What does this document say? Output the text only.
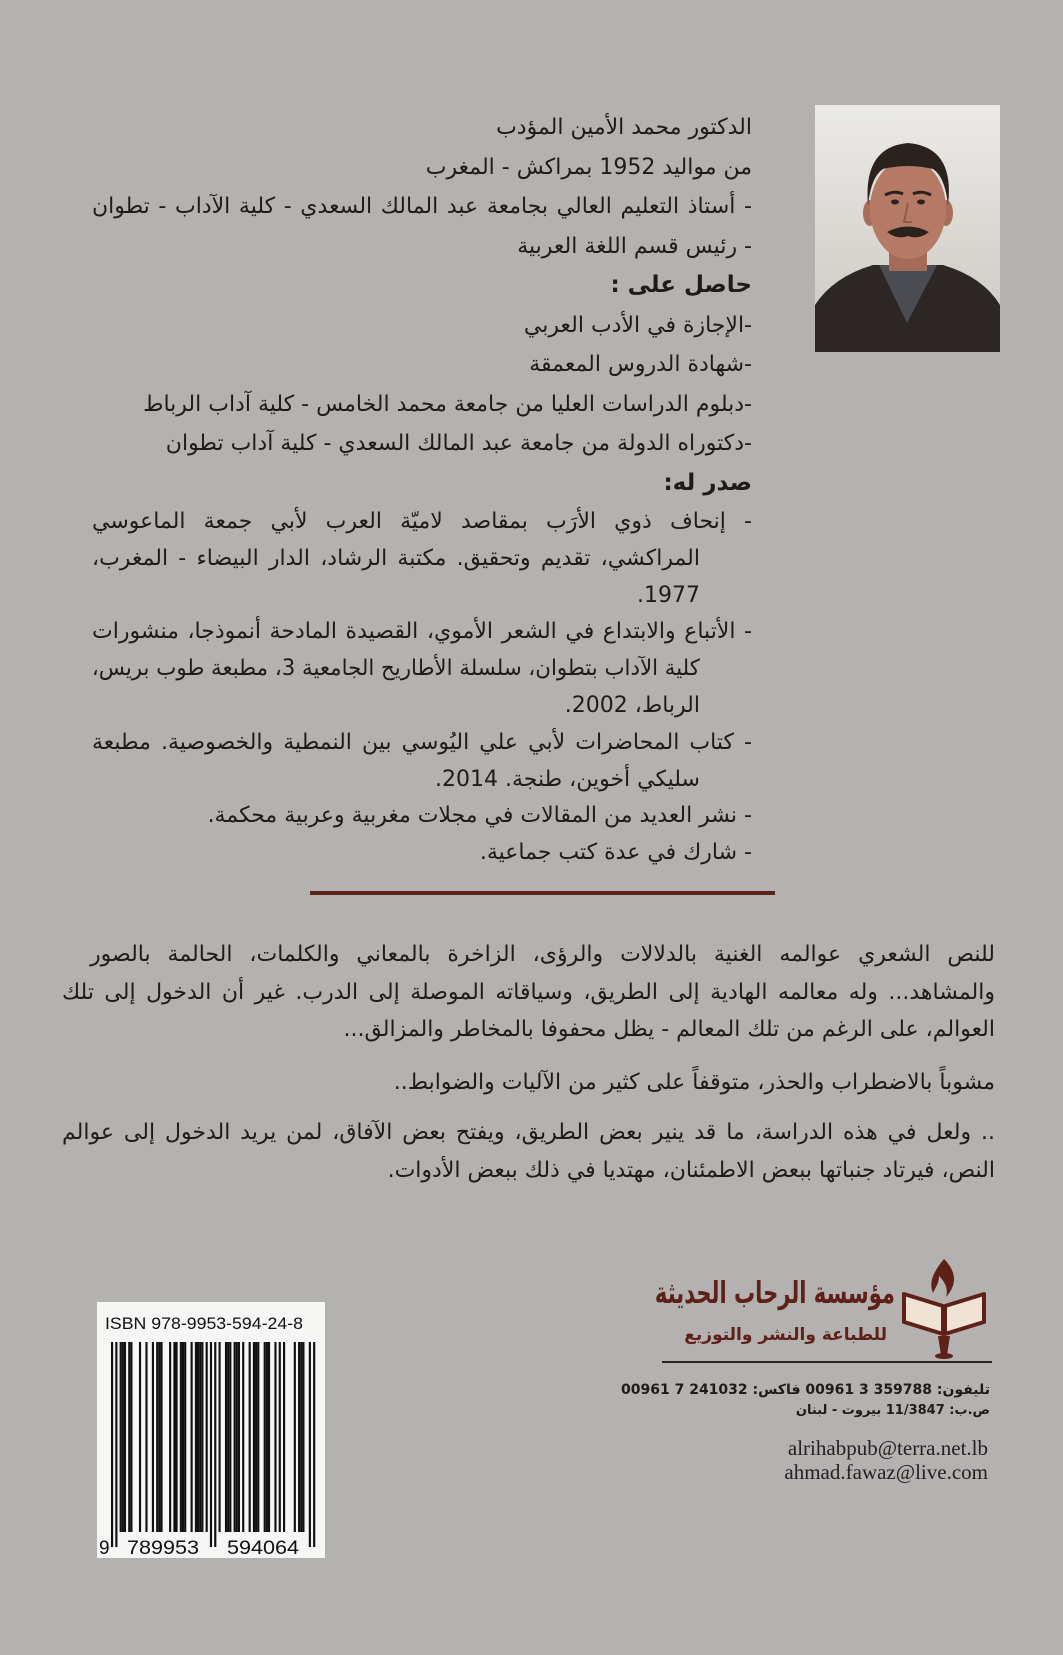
الدكتور محمد الأمين المؤدب
من مواليد 1952 بمراكش - المغرب
- أستاذ التعليم العالي بجامعة عبد المالك السعدي - كلية الآداب - تطوان
- رئيس قسم اللغة العربية
حاصل على :
-الإجازة في الأدب العربي
-شهادة الدروس المعمقة
-دبلوم الدراسات العليا من جامعة محمد الخامس - كلية آداب الرباط
-دكتوراه الدولة من جامعة عبد المالك السعدي - كلية آداب تطوان
صدر له:
- إنحاف ذوي الأرَب بمقاصد لاميّة العرب لأبي جمعة الماعوسي
المراكشي، تقديم وتحقيق. مكتبة الرشاد، الدار البيضاء - المغرب،
1977.
- الأتباع والابتداع في الشعر الأموي، القصيدة المادحة أنموذجا، منشورات
كلية الآداب بتطوان، سلسلة الأطاريح الجامعية 3، مطبعة طوب بريس،
الرباط، 2002.
- كتاب المحاضرات لأبي علي اليُوسي بين النمطية والخصوصية. مطبعة
سليكي أخوين، طنجة. 2014.
- نشر العديد من المقالات في مجلات مغربية وعربية محكمة.
- شارك في عدة كتب جماعية.
للنص الشعري عوالمه الغنية بالدلالات والرؤى، الزاخرة بالمعاني والكلمات، الحالمة بالصور
والمشاهد... وله معالمه الهادية إلى الطريق، وسياقاته الموصلة إلى الدرب. غير أن الدخول إلى تلك
العوالم، على الرغم من تلك المعالم - يظل محفوفا بالمخاطر والمزالق...
مشوباً بالاضطراب والحذر، متوقفاً على كثير من الآليات والضوابط..
.. ولعل في هذه الدراسة، ما قد ينير بعض الطريق، ويفتح بعض الآفاق، لمن يريد الدخول إلى عوالم
النص، فيرتاد جنباتها ببعض الاطمئنان، مهتديا في ذلك ببعض الأدوات.
ISBN 978-9953-594-24-8
9 789953 594064
مؤسسة الرحاب الحديثة
للطباعة والنشر والتوزيع
تليفون: 359788 3 00961 فاكس: 241032 7 00961
ص.ب: 11/3847 بيروت - لبنان
alrihabpub@terra.net.lb
ahmad.fawaz@live.com
